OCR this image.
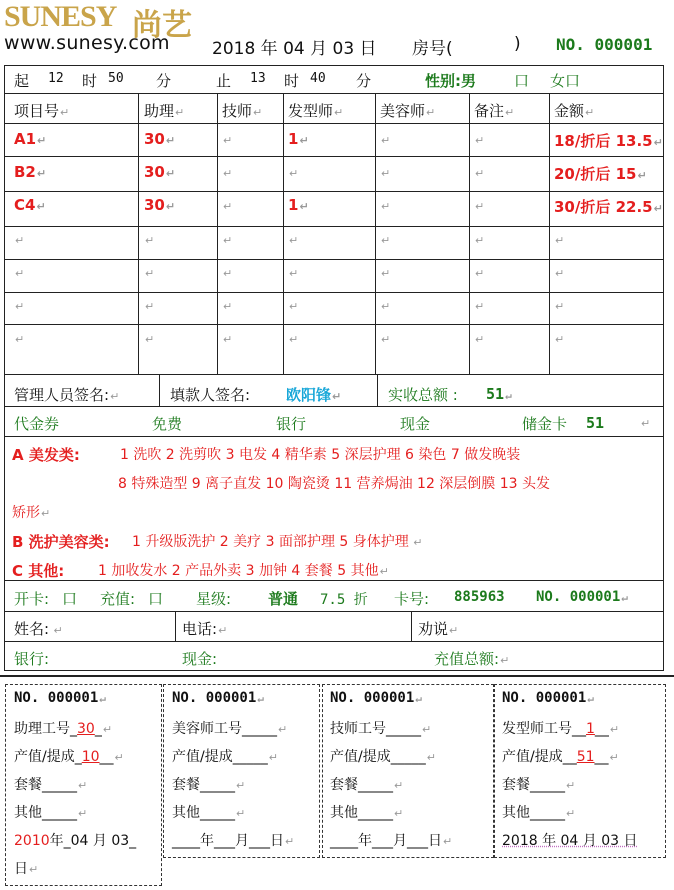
SUNESY 尚艺
www.sunesy.com 2018 年 04 月 03 日 房号(	) NO. 000001
起 12 时 50 分	止 13 时 40 分	性别:男	口 女口
项目号↵	助理↵	技师↵ 发型师↵ 美容师↵	备注↵	金额↵
A1↵	30↵	↵	1↵	↵	↵	18/折后 13.5↵
B2↵	30↵	↵	↵	↵	↵	20/折后 15↵
C4↵	30↵	↵	1↵	↵	↵	30/折后 22.5↵
↵	↵	↵	↵	↵	↵	↵
↵	↵	↵	↵	↵	↵	↵
↵	↵	↵	↵	↵	↵	↵
↵	↵	↵	↵	↵	↵	↵
管理人员签名:↵	填款人签名: 欧阳锋↵	实收总额 : 51↵
代金券	免费	银行	现金	储金卡 51	↵
A 美发类:	1 洗吹 2 洗剪吹 3 电发 4 精华素 5 深层护理 6 染色 7 做发晚装
8 特殊造型 9 离子直发 10 陶瓷烫 11 营养焗油 12 深层倒膜 13 头发
矫形↵
B 洗护美容类: 1 升级版洗护 2 美疗 3 面部护理 5 身体护理 ↵
C 其他: 1 加收发水 2 产品外卖 3 加钟 4 套餐 5 其他↵
开卡: 口 充值: 口 星级: 普通 7.5 折 卡号: 885963 NO. 000001↵
姓名: ↵	电话:↵	劝说↵
银行:	现金:	充值总额:↵
NO. 000001↵
助理工号_30_↵
产值/提成_10__↵
套餐_____↵
其他_____↵
2010年_04 月 03_
日↵
NO. 000001↵
美容师工号_____↵
产值/提成_____↵
套餐_____↵
其他_____↵
____年___月___日↵
NO. 000001↵
技师工号_____↵
产值/提成_____↵
套餐_____↵
其他_____↵
____年___月___日↵
NO. 000001↵
发型师工号__1__↵
产值/提成__51__↵
套餐_____↵
其他_____↵
2018 年 04 月 03 日
